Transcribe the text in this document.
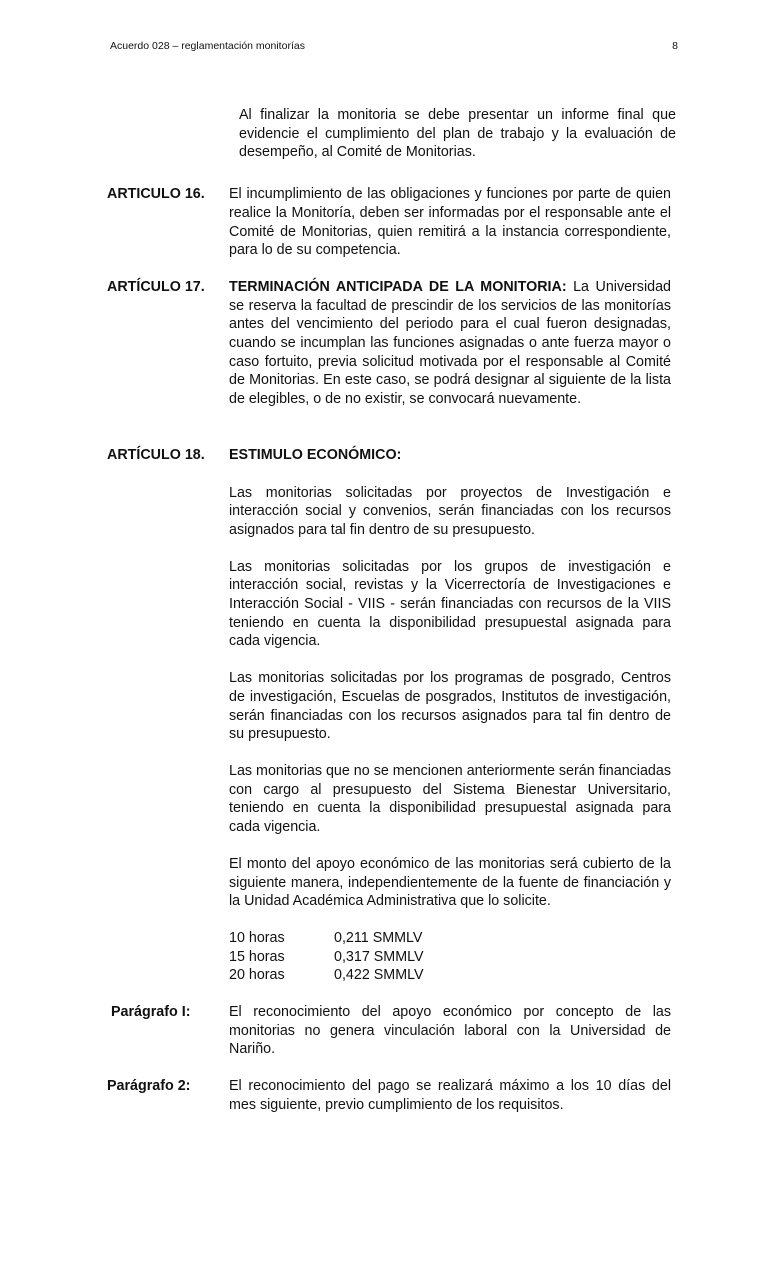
Acuerdo 028 – reglamentación monitorías	8
Al finalizar la monitoria se debe presentar un informe final que evidencie el cumplimiento del plan de trabajo y la evaluación de desempeño, al Comité de Monitorias.
ARTICULO 16.	El incumplimiento de las obligaciones y funciones por parte de quien realice la Monitoría, deben ser informadas por el responsable ante el Comité de Monitorias, quien remitirá a la instancia correspondiente, para lo de su competencia.
ARTÍCULO 17.	TERMINACIÓN ANTICIPADA DE LA MONITORIA: La Universidad se reserva la facultad de prescindir de los servicios de las monitorías antes del vencimiento del periodo para el cual fueron designadas, cuando se incumplan las funciones asignadas o ante fuerza mayor o caso fortuito, previa solicitud motivada por el responsable al Comité de Monitorias. En este caso, se podrá designar al siguiente de la lista de elegibles, o de no existir, se convocará nuevamente.
ARTÍCULO 18.	ESTIMULO ECONÓMICO:
Las monitorias solicitadas por proyectos de Investigación e interacción social y convenios, serán financiadas con los recursos asignados para tal fin dentro de su presupuesto.
Las monitorias solicitadas por los grupos de investigación e interacción social, revistas y la Vicerrectoría de Investigaciones e Interacción Social - VIIS - serán financiadas con recursos de la VIIS teniendo en cuenta la disponibilidad presupuestal asignada para cada vigencia.
Las monitorias solicitadas por los programas de posgrado, Centros de investigación, Escuelas de posgrados, Institutos de investigación, serán financiadas con los recursos asignados para tal fin dentro de su presupuesto.
Las monitorias que no se mencionen anteriormente serán financiadas con cargo al presupuesto del Sistema Bienestar Universitario, teniendo en cuenta la disponibilidad presupuestal asignada para cada vigencia.
El monto del apoyo económico de las monitorias será cubierto de la siguiente manera, independientemente de la fuente de financiación y la Unidad Académica Administrativa que lo solicite.
10 horas	0,211 SMMLV
15 horas	0,317 SMMLV
20 horas	0,422 SMMLV
Parágrafo I:	El reconocimiento del apoyo económico por concepto de las monitorias no genera vinculación laboral con la Universidad de Nariño.
Parágrafo 2:	El reconocimiento del pago se realizará máximo a los 10 días del mes siguiente, previo cumplimiento de los requisitos.
